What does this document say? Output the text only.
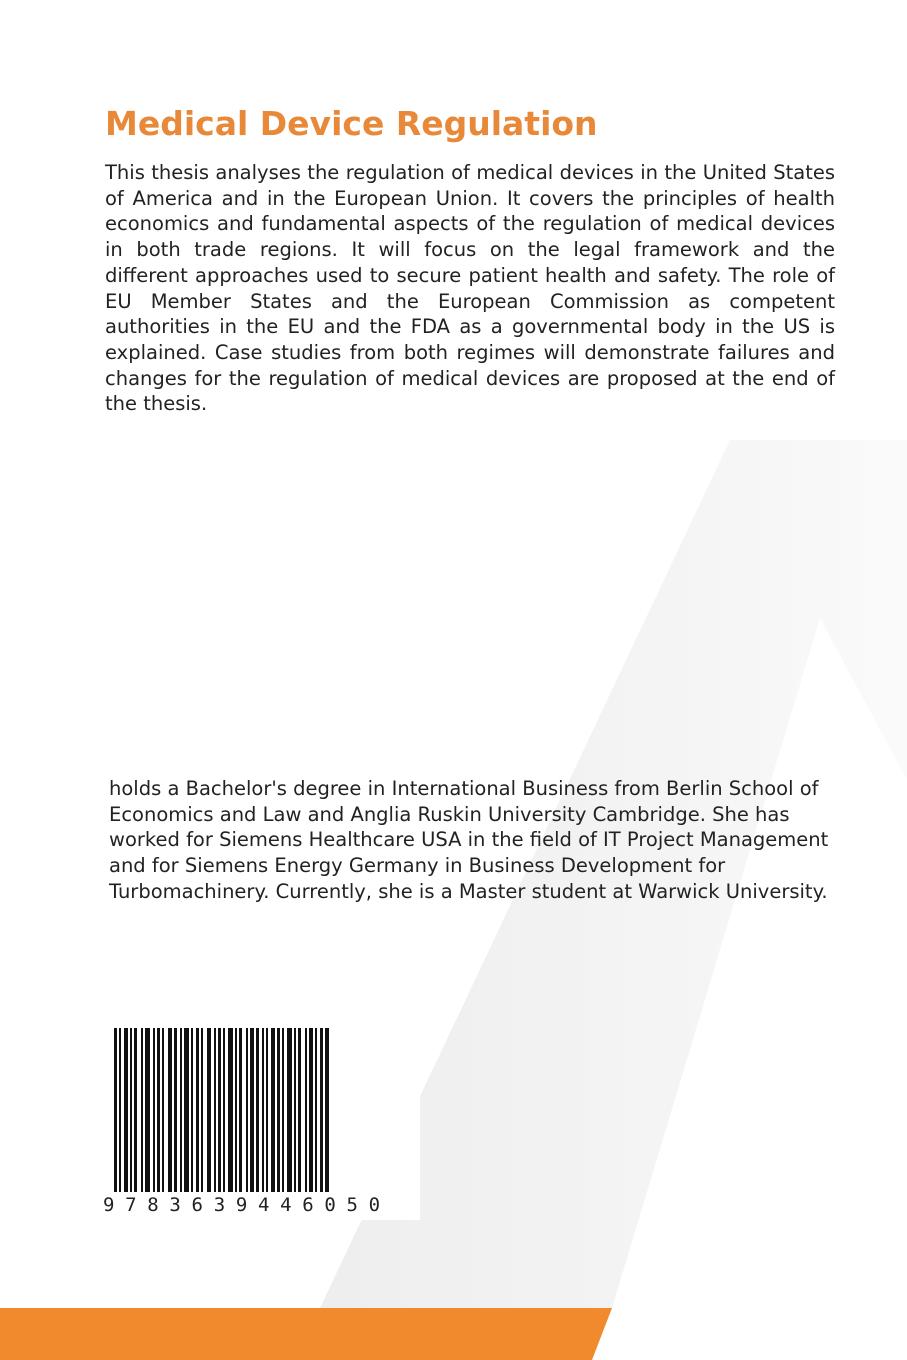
Medical Device Regulation

This thesis analyses the regulation of medical devices in the United States of America and in the European Union. It covers the principles of health economics and fundamental aspects of the regulation of medical devices in both trade regions. It will focus on the legal framework and the different approaches used to secure patient health and safety. The role of EU Member States and the European Commission as competent authorities in the EU and the FDA as a governmental body in the US is explained. Case studies from both regimes will demonstrate failures and changes for the regulation of medical devices are proposed at the end of the thesis.

holds a Bachelor's degree in International Business from Berlin School of Economics and Law and Anglia Ruskin University Cambridge. She has worked for Siemens Healthcare USA in the field of IT Project Management and for Siemens Energy Germany in Business Development for Turbomachinery. Currently, she is a Master student at Warwick University.

9783639446050
